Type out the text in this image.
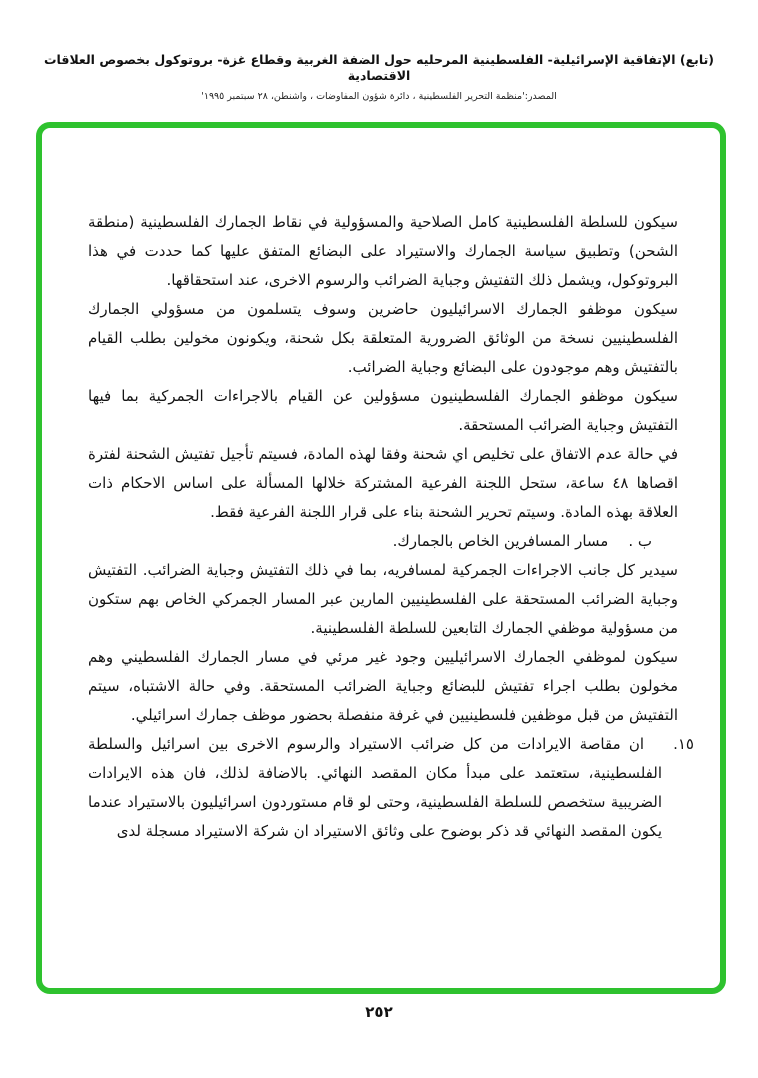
(تابع) الإتفاقية الإسرائيلية- الفلسطينية المرحليه حول الضفة الغربية وقطاع غزة- بروتوكول بخصوص العلاقات الاقتصادية
المصدر:'منظمة التحرير الفلسطينية ، دائرة شؤون المفاوضات ، واشنطن، ٢٨ سبتمبر ١٩٩٥'

سيكون للسلطة الفلسطينية كامل الصلاحية والمسؤولية في نقاط الجمارك الفلسطينية (منطقة الشحن) وتطبيق سياسة الجمارك والاستيراد على البضائع المتفق عليها كما حددت في هذا البروتوكول، ويشمل ذلك التفتيش وجباية الضرائب والرسوم الاخرى، عند استحقاقها.

سيكون موظفو الجمارك الاسرائيليون حاضرين وسوف يتسلمون من مسؤولي الجمارك الفلسطينيين نسخة من الوثائق الضرورية المتعلقة بكل شحنة، ويكونون مخولين بطلب القيام بالتفتيش وهم موجودون على البضائع وجباية الضرائب.

سيكون موظفو الجمارك الفلسطينيون مسؤولين عن القيام بالاجراءات الجمركية بما فيها التفتيش وجباية الضرائب المستحقة.

في حالة عدم الاتفاق على تخليص اي شحنة وفقا لهذه المادة، فسيتم تأجيل تفتيش الشحنة لفترة اقصاها ٤٨ ساعة، ستحل اللجنة الفرعية المشتركة خلالها المسألة على اساس الاحكام ذات العلاقة بهذه المادة. وسيتم تحرير الشحنة بناء على قرار اللجنة الفرعية فقط.

ب .مسار المسافرين الخاص بالجمارك.

سيدير كل جانب الاجراءات الجمركية لمسافريه، بما في ذلك التفتيش وجباية الضرائب. التفتيش وجباية الضرائب المستحقة على الفلسطينيين المارين عبر المسار الجمركي الخاص بهم ستكون من مسؤولية موظفي الجمارك التابعين للسلطة الفلسطينية.

سيكون لموظفي الجمارك الاسرائيليين وجود غير مرئي في مسار الجمارك الفلسطيني وهم مخولون بطلب اجراء تفتيش للبضائع وجباية الضرائب المستحقة. وفي حالة الاشتباه، سيتم التفتيش من قبل موظفين فلسطينيين في غرفة منفصلة بحضور موظف جمارك اسرائيلي.

١٥.
ان مقاصة الايرادات من كل ضرائب الاستيراد والرسوم الاخرى بين اسرائيل والسلطة الفلسطينية، ستعتمد على مبدأ مكان المقصد النهائي. بالاضافة لذلك، فان هذه الايرادات الضريبية ستخصص للسلطة الفلسطينية، وحتى لو قام مستوردون اسرائيليون بالاستيراد عندما يكون المقصد النهائي قد ذكر بوضوح على وثائق الاستيراد ان شركة الاستيراد مسجلة لدى

٢٥٢
